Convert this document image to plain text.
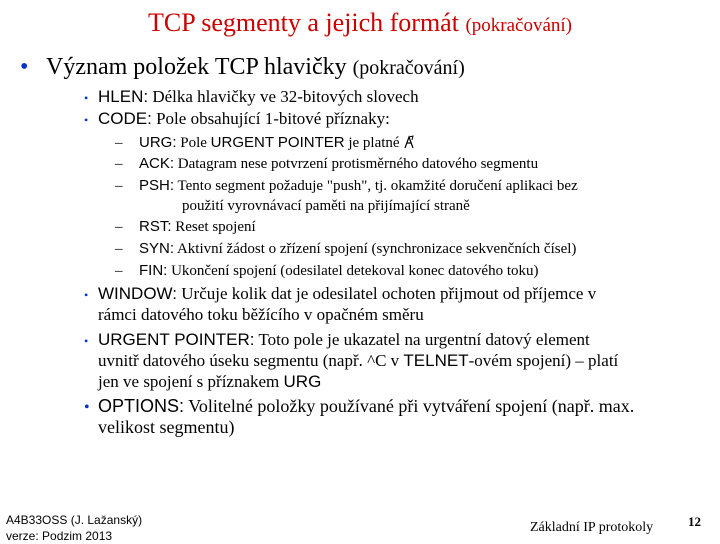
TCP segmenty a jejich formát (pokračování)
• Význam položek TCP hlavičky (pokračování)
• HLEN: Délka hlavičky ve 32-bitových slovech
• CODE: Pole obsahující 1-bitové příznaky:
– URG: Pole URGENT POINTER je platné
– ACK: Datagram nese potvrzení protisměrného datového segmentu
– PSH: Tento segment požaduje "push", tj. okamžité doručení aplikaci bez
použití vyrovnávací paměti na přijímající straně
– RST: Reset spojení
– SYN: Aktivní žádost o zřízení spojení (synchronizace sekvenčních čísel)
– FIN: Ukončení spojení (odesilatel detekoval konec datového toku)
• WINDOW: Určuje kolik dat je odesilatel ochoten přijmout od příjemce v
rámci datového toku běžícího v opačném směru
• URGENT POINTER: Toto pole je ukazatel na urgentní datový element
uvnitř datového úseku segmentu (např. ^C v TELNET-ovém spojení) – platí
jen ve spojení s příznakem URG
• OPTIONS: Volitelné položky používané při vytváření spojení (např. max.
velikost segmentu)
A4B33OSS (J. Lažanský)
verze: Podzim 2013
Základní IP protokoly	12
